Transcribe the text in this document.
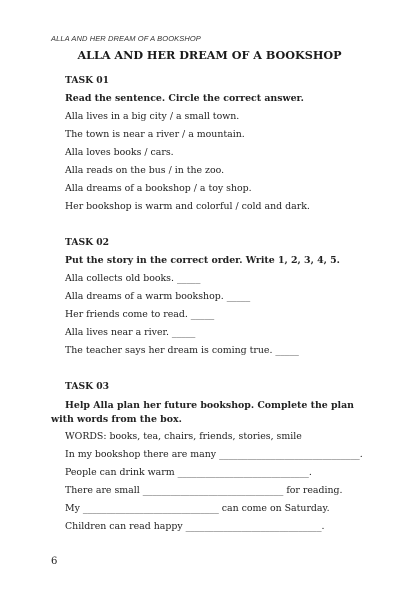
ALLA AND HER DREAM OF A BOOKSHOP
ALLA AND HER DREAM OF A BOOKSHOP
TASK 01
Read the sentence. Circle the correct answer.
Alla lives in a big city / a small town.
The town is near a river / a mountain.
Alla loves books / cars.
Alla reads on the bus / in the zoo.
Alla dreams of a bookshop / a toy shop.
Her bookshop is warm and colorful / cold and dark.
TASK 02
Put the story in the correct order. Write 1, 2, 3, 4, 5.
Alla collects old books. _____
Alla dreams of a warm bookshop. _____
Her friends come to read. _____
Alla lives near a river. _____
The teacher says her dream is coming true. _____
TASK 03
Help Alla plan her future bookshop. Complete the plan with words from the box.
WORDS: books, tea, chairs, friends, stories, smile
In my bookshop there are many ______________________________.
People can drink warm ____________________________.
There are small ______________________________ for reading.
My _____________________________ can come on Saturday.
Children can read happy _____________________________.
6
